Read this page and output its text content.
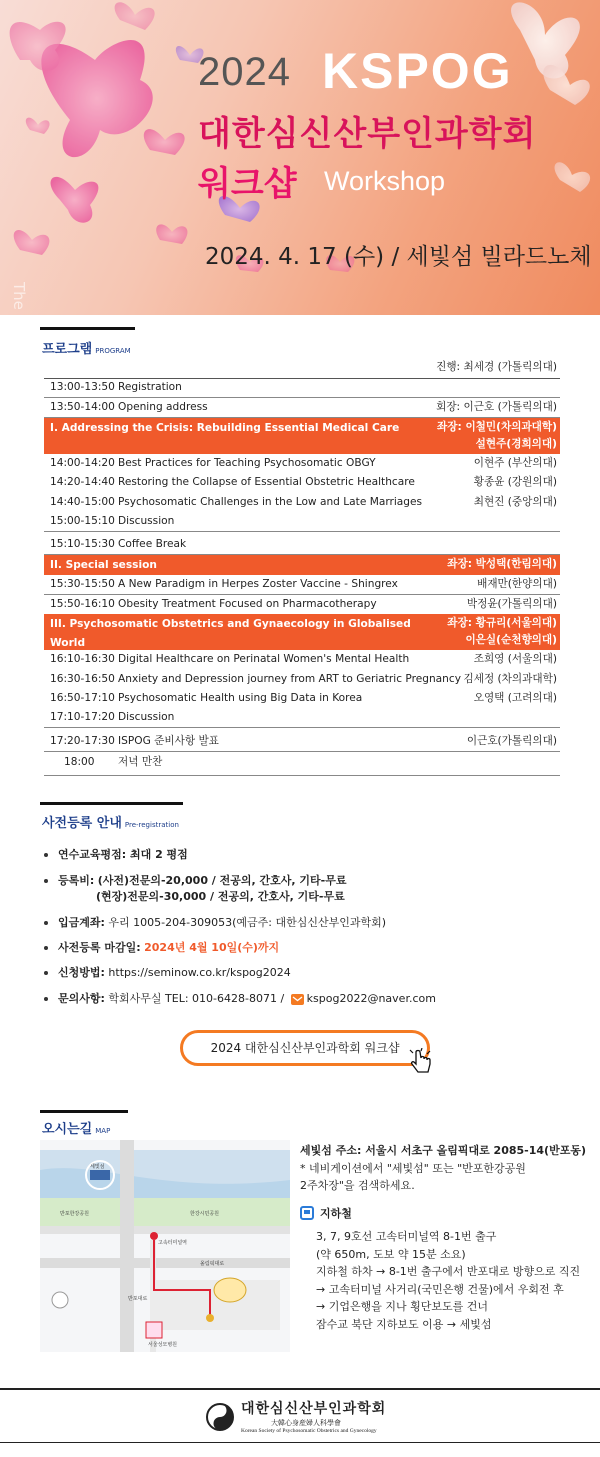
2024 KSPOG
대한심신산부인과학회
워크샵 Workshop
2024. 4. 17 (수) / 세빛섬 빌라드노체
The
프로그램 PROGRAM
진행: 최세경 (가톨릭의대)
13:00-13:50 Registration
13:50-14:00 Opening address	회장: 이근호 (가톨릭의대)
I. Addressing the Crisis: Rebuilding Essential Medical Care	좌장: 이철민(차의과대학)
설현주(경희의대)
14:00-14:20 Best Practices for Teaching Psychosomatic OBGY	이현주 (부산의대)
14:20-14:40 Restoring the Collapse of Essential Obstetric Healthcare	황종윤 (강원의대)
14:40-15:00 Psychosomatic Challenges in the Low and Late Marriages	최현진 (중앙의대)
15:00-15:10 Discussion
15:10-15:30 Coffee Break
II. Special session	좌장: 박성택(한림의대)
15:30-15:50 A New Paradigm in Herpes Zoster Vaccine - Shingrex	배재만(한양의대)
15:50-16:10 Obesity Treatment Focused on Pharmacotherapy	박정윤(가톨릭의대)
III. Psychosomatic Obstetrics and Gynaecology in Globalised World
좌장: 황규리(서울의대)
이은실(순천향의대)
16:10-16:30 Digital Healthcare on Perinatal Women's Mental Health	조희영 (서울의대)
16:30-16:50 Anxiety and Depression journey from ART to Geriatric Pregnancy 김세정 (차의과대학)
16:50-17:10 Psychosomatic Health using Big Data in Korea	오영택 (고려의대)
17:10-17:20 Discussion
17:20-17:30 ISPOG 준비사항 발표	이근호(가톨릭의대)
18:00	저녁 만찬
사전등록 안내 Pre-registration
연수교육평점: 최대 2 평점
등록비: (사전)전문의-20,000 / 전공의, 간호사, 기타-무료
(현장)전문의-30,000 / 전공의, 간호사, 기타-무료
입금계좌: 우리 1005-204-309053(예금주: 대한심신산부인과학회)
사전등록 마감일: 2024년 4월 10일(수)까지
신청방법: https://seminow.co.kr/kspog2024
문의사항: 학회사무실 TEL: 010-6428-8071 / kspog2022@naver.com
2024 대한심신산부인과학회 워크샵
오시는길 MAP
세빛섬
한강시민공원
반포한강공원
올림픽대로
반포대로
고속터미널역
서울성모병원
세빛섬 주소: 서울시 서초구 올림픽대로 2085-14(반포동)
* 네비게이션에서 "세빛섬" 또는 "반포한강공원
2주차장"을 검색하세요.
지하철
3, 7, 9호선 고속터미널역 8-1번 출구
(약 650m, 도보 약 15분 소요)
지하철 하차 → 8-1번 출구에서 반포대로 방향으로 직진
→ 고속터미널 사거리(국민은행 건물)에서 우회전 후
→ 기업은행을 지나 횡단보도를 건너
잠수교 북단 지하보도 이용 → 세빛섬
대한심신산부인과학회
大韓心身産婦人科學會
Korean Society of Psychosomatic Obstetrics and Gynecology
